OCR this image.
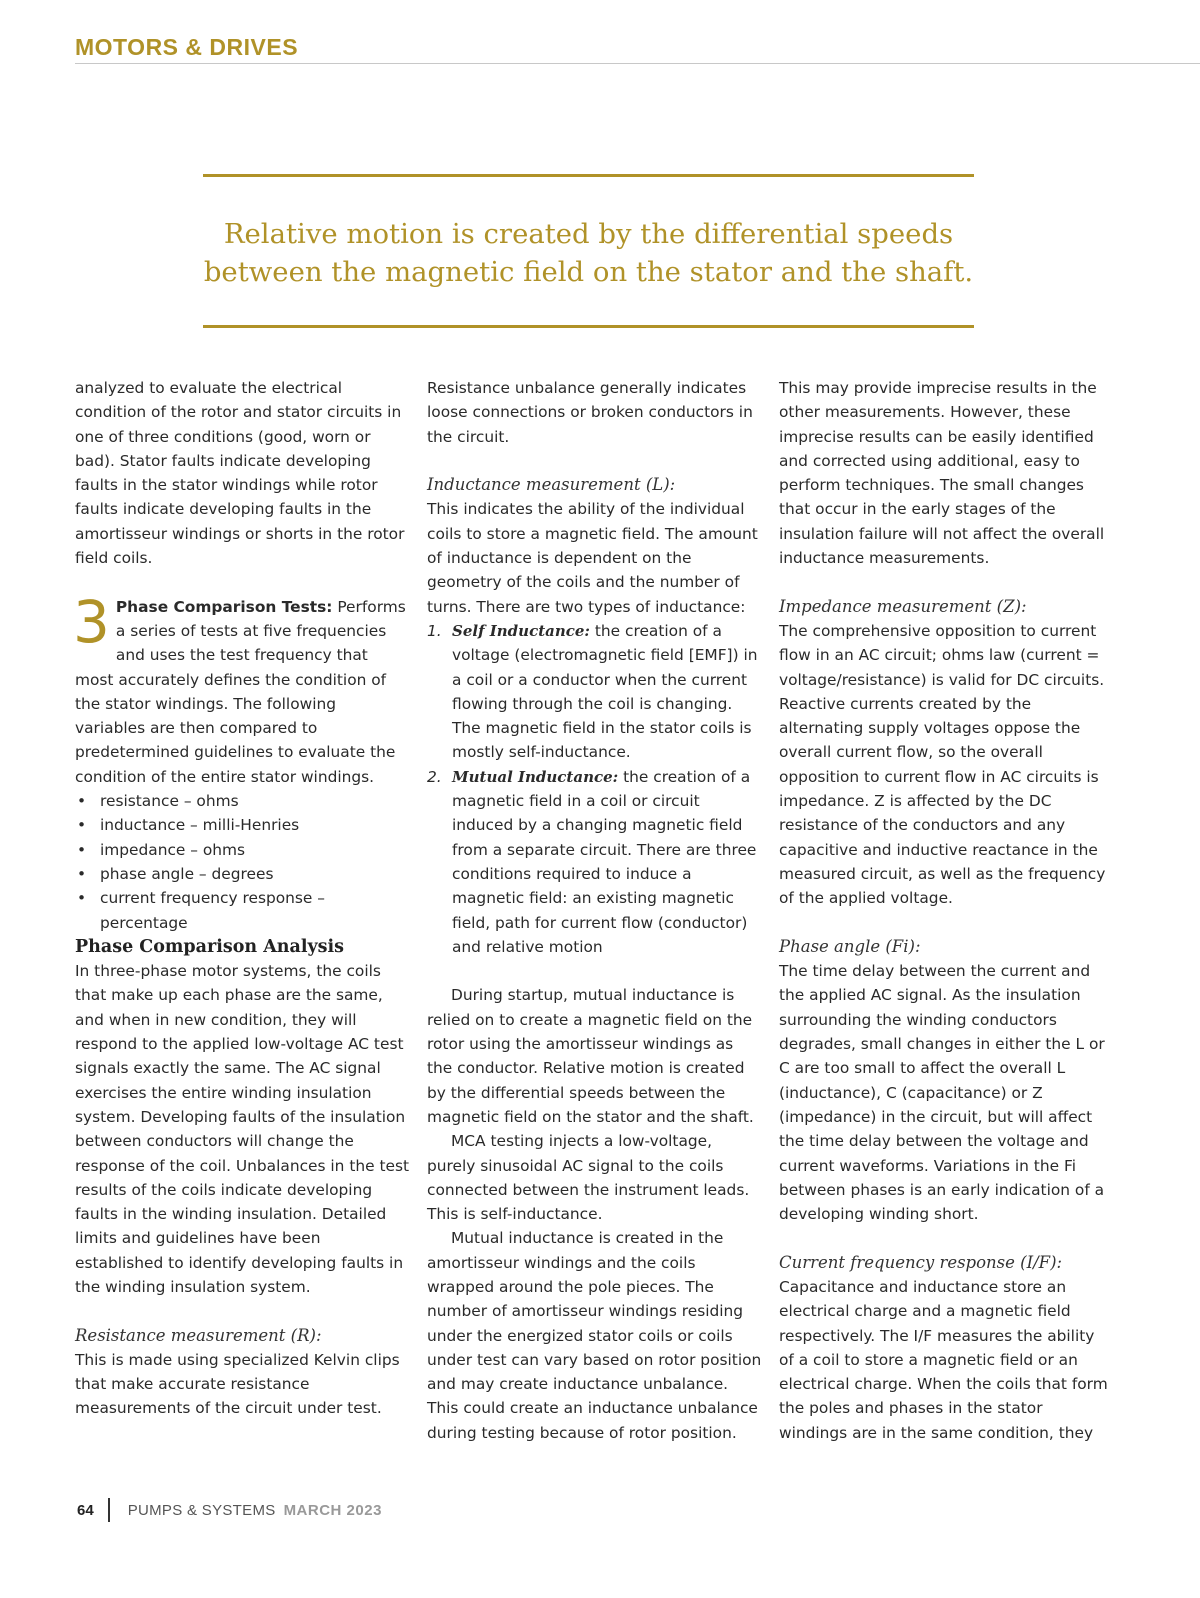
MOTORS & DRIVES
Relative motion is created by the differential speeds
between the magnetic field on the stator and the shaft.

analyzed to evaluate the electrical condition of the rotor and stator circuits in one of three conditions (good, worn or bad). Stator faults indicate developing faults in the stator windings while rotor faults indicate developing faults in the amortisseur windings or shorts in the rotor field coils.

3 Phase Comparison Tests: Performs a series of tests at five frequencies and uses the test frequency that most accurately defines the condition of the stator windings. The following variables are then compared to predetermined guidelines to evaluate the condition of the entire stator windings.

• resistance – ohms
• inductance – milli-Henries
• impedance – ohms
• phase angle – degrees
• current frequency response – percentage

Phase Comparison Analysis

In three-phase motor systems, the coils that make up each phase are the same, and when in new condition, they will respond to the applied low-voltage AC test signals exactly the same. The AC signal exercises the entire winding insulation system. Developing faults of the insulation between conductors will change the response of the coil. Unbalances in the test results of the coils indicate developing faults in the winding insulation. Detailed limits and guidelines have been established to identify developing faults in the winding insulation system.

Resistance measurement (R):

This is made using specialized Kelvin clips that make accurate resistance measurements of the circuit under test.

Resistance unbalance generally indicates loose connections or broken conductors in the circuit.

Inductance measurement (L):

This indicates the ability of the individual coils to store a magnetic field. The amount of inductance is dependent on the geometry of the coils and the number of turns. There are two types of inductance:

1. Self Inductance: the creation of a voltage (electromagnetic field [EMF]) in a coil or a conductor when the current flowing through the coil is changing. The magnetic field in the stator coils is mostly self-inductance.
2. Mutual Inductance: the creation of a magnetic field in a coil or circuit induced by a changing magnetic field from a separate circuit. There are three conditions required to induce a magnetic field: an existing magnetic field, path for current flow (conductor) and relative motion

During startup, mutual inductance is relied on to create a magnetic field on the rotor using the amortisseur windings as the conductor. Relative motion is created by the differential speeds between the magnetic field on the stator and the shaft.

MCA testing injects a low-voltage, purely sinusoidal AC signal to the coils connected between the instrument leads. This is self-inductance.

Mutual inductance is created in the amortisseur windings and the coils wrapped around the pole pieces. The number of amortisseur windings residing under the energized stator coils or coils under test can vary based on rotor position and may create inductance unbalance. This could create an inductance unbalance during testing because of rotor position.

This may provide imprecise results in the other measurements. However, these imprecise results can be easily identified and corrected using additional, easy to perform techniques. The small changes that occur in the early stages of the insulation failure will not affect the overall inductance measurements.

Impedance measurement (Z):

The comprehensive opposition to current flow in an AC circuit; ohms law (current = voltage/resistance) is valid for DC circuits. Reactive currents created by the alternating supply voltages oppose the overall current flow, so the overall opposition to current flow in AC circuits is impedance. Z is affected by the DC resistance of the conductors and any capacitive and inductive reactance in the measured circuit, as well as the frequency of the applied voltage.

Phase angle (Fi):

The time delay between the current and the applied AC signal. As the insulation surrounding the winding conductors degrades, small changes in either the L or C are too small to affect the overall L (inductance), C (capacitance) or Z (impedance) in the circuit, but will affect the time delay between the voltage and current waveforms. Variations in the Fi between phases is an early indication of a developing winding short.

Current frequency response (I/F):

Capacitance and inductance store an electrical charge and a magnetic field respectively. The I/F measures the ability of a coil to store a magnetic field or an electrical charge. When the coils that form the poles and phases in the stator windings are in the same condition, they

64 PUMPS & SYSTEMS MARCH 2023
